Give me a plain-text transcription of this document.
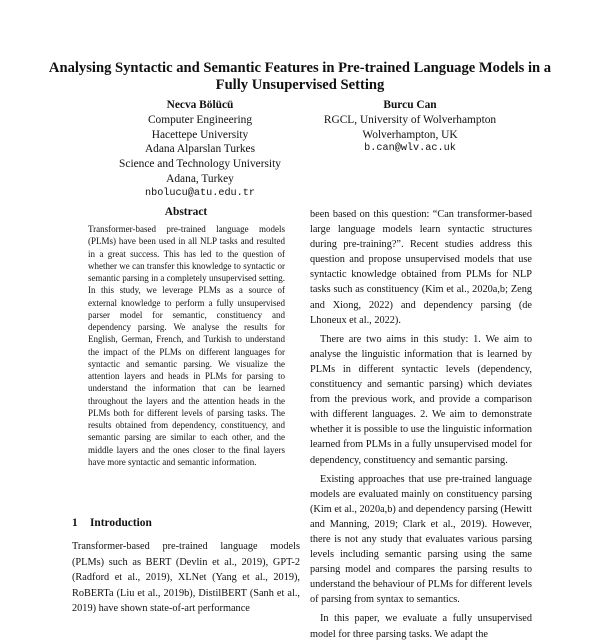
Analysing Syntactic and Semantic Features in Pre-trained Language Models in a Fully Unsupervised Setting
Necva Bölücü
Computer Engineering
Hacettepe University
Adana Alparslan Turkes
Science and Technology University
Adana, Turkey
nbolucu@atu.edu.tr
Burcu Can
RGCL, University of Wolverhampton
Wolverhampton, UK
b.can@wlv.ac.uk
Abstract
Transformer-based pre-trained language models (PLMs) have been used in all NLP tasks and resulted in a great success. This has led to the question of whether we can transfer this knowledge to syntactic or semantic parsing in a completely unsupervised setting. In this study, we leverage PLMs as a source of external knowledge to perform a fully unsupervised parser model for semantic, constituency and dependency parsing. We analyse the results for English, German, French, and Turkish to understand the impact of the PLMs on different languages for syntactic and semantic parsing. We visualize the attention layers and heads in PLMs for parsing to understand the information that can be learned throughout the layers and the attention heads in the PLMs both for different levels of parsing tasks. The results obtained from dependency, constituency, and semantic parsing are similar to each other, and the middle layers and the ones closer to the final layers have more syntactic and semantic information.
1 Introduction
Transformer-based pre-trained language models (PLMs) such as BERT (Devlin et al., 2019), GPT-2 (Radford et al., 2019), XLNet (Yang et al., 2019), RoBERTa (Liu et al., 2019b), DistilBERT (Sanh et al., 2019) have shown state-of-art performance

been based on this question: “Can transformer-based large language models learn syntactic structures during pre-training?”. Recent studies address this question and propose unsupervised models that use syntactic knowledge obtained from PLMs for NLP tasks such as constituency (Kim et al., 2020a,b; Zeng and Xiong, 2022) and dependency parsing (de Lhoneux et al., 2022).

There are two aims in this study: 1. We aim to analyse the linguistic information that is learned by PLMs in different syntactic levels (dependency, constituency and semantic parsing) which deviates from the previous work, and provide a comparison with different languages. 2. We aim to demonstrate whether it is possible to use the linguistic information learned from PLMs in a fully unsupervised model for dependency, constituency and semantic parsing.

Existing approaches that use pre-trained language models are evaluated mainly on constituency parsing (Kim et al., 2020a,b) and dependency parsing (Hewitt and Manning, 2019; Clark et al., 2019). However, there is not any study that evaluates various parsing levels including semantic parsing using the same parsing model and compares the parsing results to understand the behaviour of PLMs for different levels of parsing from syntax to semantics.

In this paper, we evaluate a fully unsupervised model for three parsing tasks. We adapt the
